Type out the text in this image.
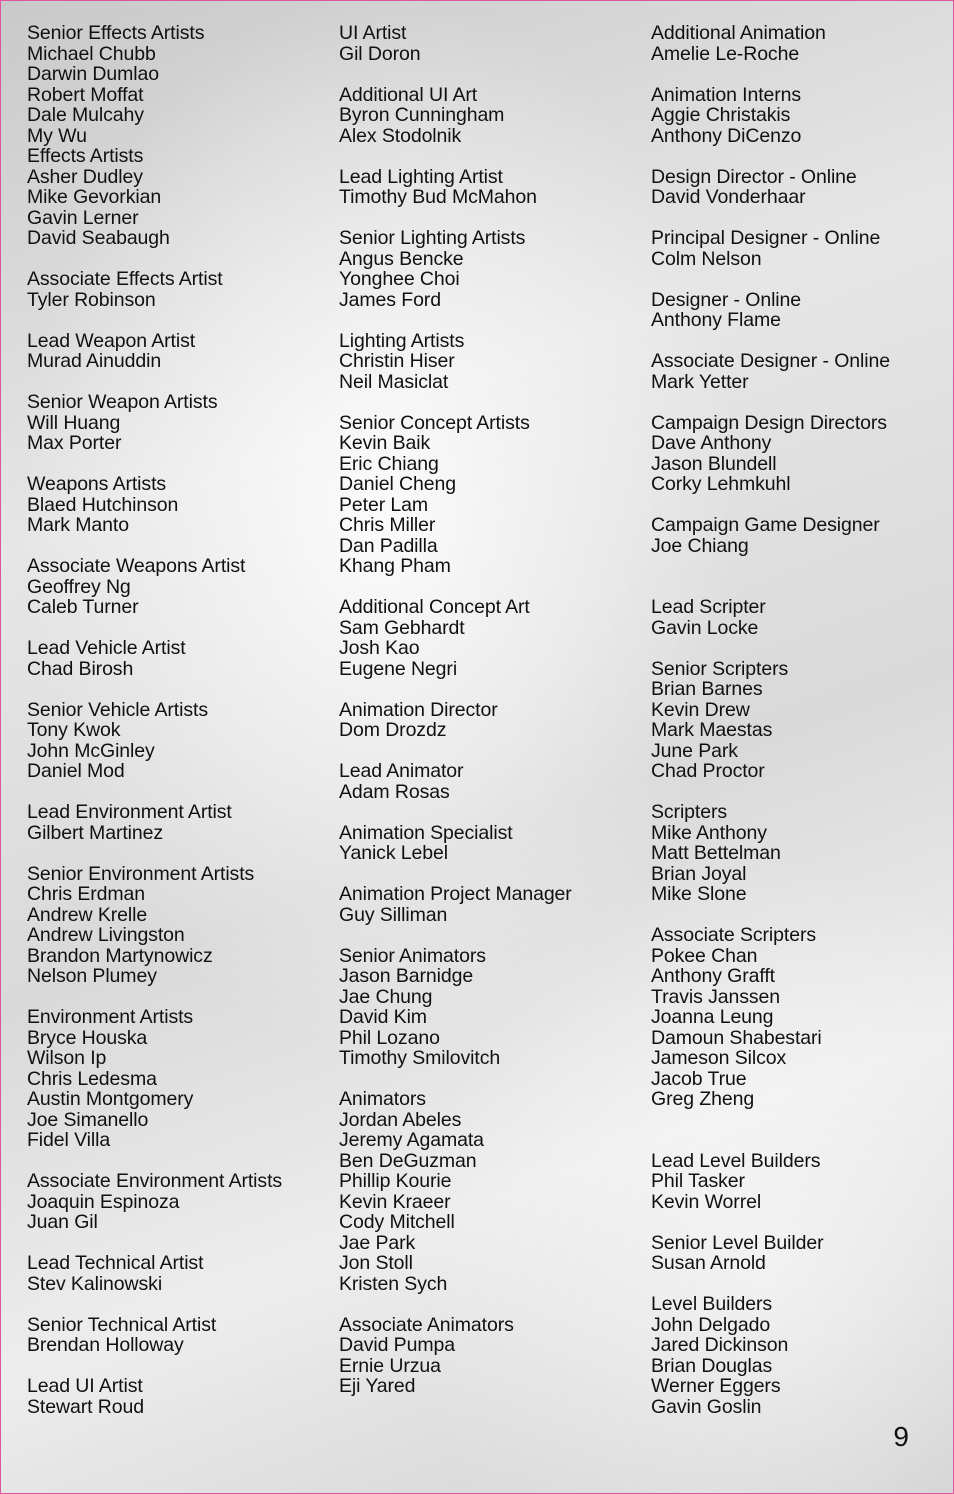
Senior Effects Artists
Michael Chubb
Darwin Dumlao
Robert Moffat
Dale Mulcahy
My Wu
Effects Artists
Asher Dudley
Mike Gevorkian
Gavin Lerner
David Seabaugh
Associate Effects Artist
Tyler Robinson
Lead Weapon Artist
Murad Ainuddin
Senior Weapon Artists
Will Huang
Max Porter
Weapons Artists
Blaed Hutchinson
Mark Manto
Associate Weapons Artist
Geoffrey Ng
Caleb Turner
Lead Vehicle Artist
Chad Birosh
Senior Vehicle Artists
Tony Kwok
John McGinley
Daniel Mod
Lead Environment Artist
Gilbert Martinez
Senior Environment Artists
Chris Erdman
Andrew Krelle
Andrew Livingston
Brandon Martynowicz
Nelson Plumey
Environment Artists
Bryce Houska
Wilson Ip
Chris Ledesma
Austin Montgomery
Joe Simanello
Fidel Villa
Associate Environment Artists
Joaquin Espinoza
Juan Gil
Lead Technical Artist
Stev Kalinowski
Senior Technical Artist
Brendan Holloway
Lead UI Artist
Stewart Roud
UI Artist
Gil Doron
Additional UI Art
Byron Cunningham
Alex Stodolnik
Lead Lighting Artist
Timothy Bud McMahon
Senior Lighting Artists
Angus Bencke
Yonghee Choi
James Ford
Lighting Artists
Christin Hiser
Neil Masiclat
Senior Concept Artists
Kevin Baik
Eric Chiang
Daniel Cheng
Peter Lam
Chris Miller
Dan Padilla
Khang Pham
Additional Concept Art
Sam Gebhardt
Josh Kao
Eugene Negri
Animation Director
Dom Drozdz
Lead Animator
Adam Rosas
Animation Specialist
Yanick Lebel
Animation Project Manager
Guy Silliman
Senior Animators
Jason Barnidge
Jae Chung
David Kim
Phil Lozano
Timothy Smilovitch
Animators
Jordan Abeles
Jeremy Agamata
Ben DeGuzman
Phillip Kourie
Kevin Kraeer
Cody Mitchell
Jae Park
Jon Stoll
Kristen Sych
Associate Animators
David Pumpa
Ernie Urzua
Eji Yared
Additional Animation
Amelie Le-Roche
Animation Interns
Aggie Christakis
Anthony DiCenzo
Design Director - Online
David Vonderhaar
Principal Designer - Online
Colm Nelson
Designer - Online
Anthony Flame
Associate Designer - Online
Mark Yetter
Campaign Design Directors
Dave Anthony
Jason Blundell
Corky Lehmkuhl
Campaign Game Designer
Joe Chiang
Lead Scripter
Gavin Locke
Senior Scripters
Brian Barnes
Kevin Drew
Mark Maestas
June Park
Chad Proctor
Scripters
Mike Anthony
Matt Bettelman
Brian Joyal
Mike Slone
Associate Scripters
Pokee Chan
Anthony Grafft
Travis Janssen
Joanna Leung
Damoun Shabestari
Jameson Silcox
Jacob True
Greg Zheng
Lead Level Builders
Phil Tasker
Kevin Worrel
Senior Level Builder
Susan Arnold
Level Builders
John Delgado
Jared Dickinson
Brian Douglas
Werner Eggers
Gavin Goslin
9
